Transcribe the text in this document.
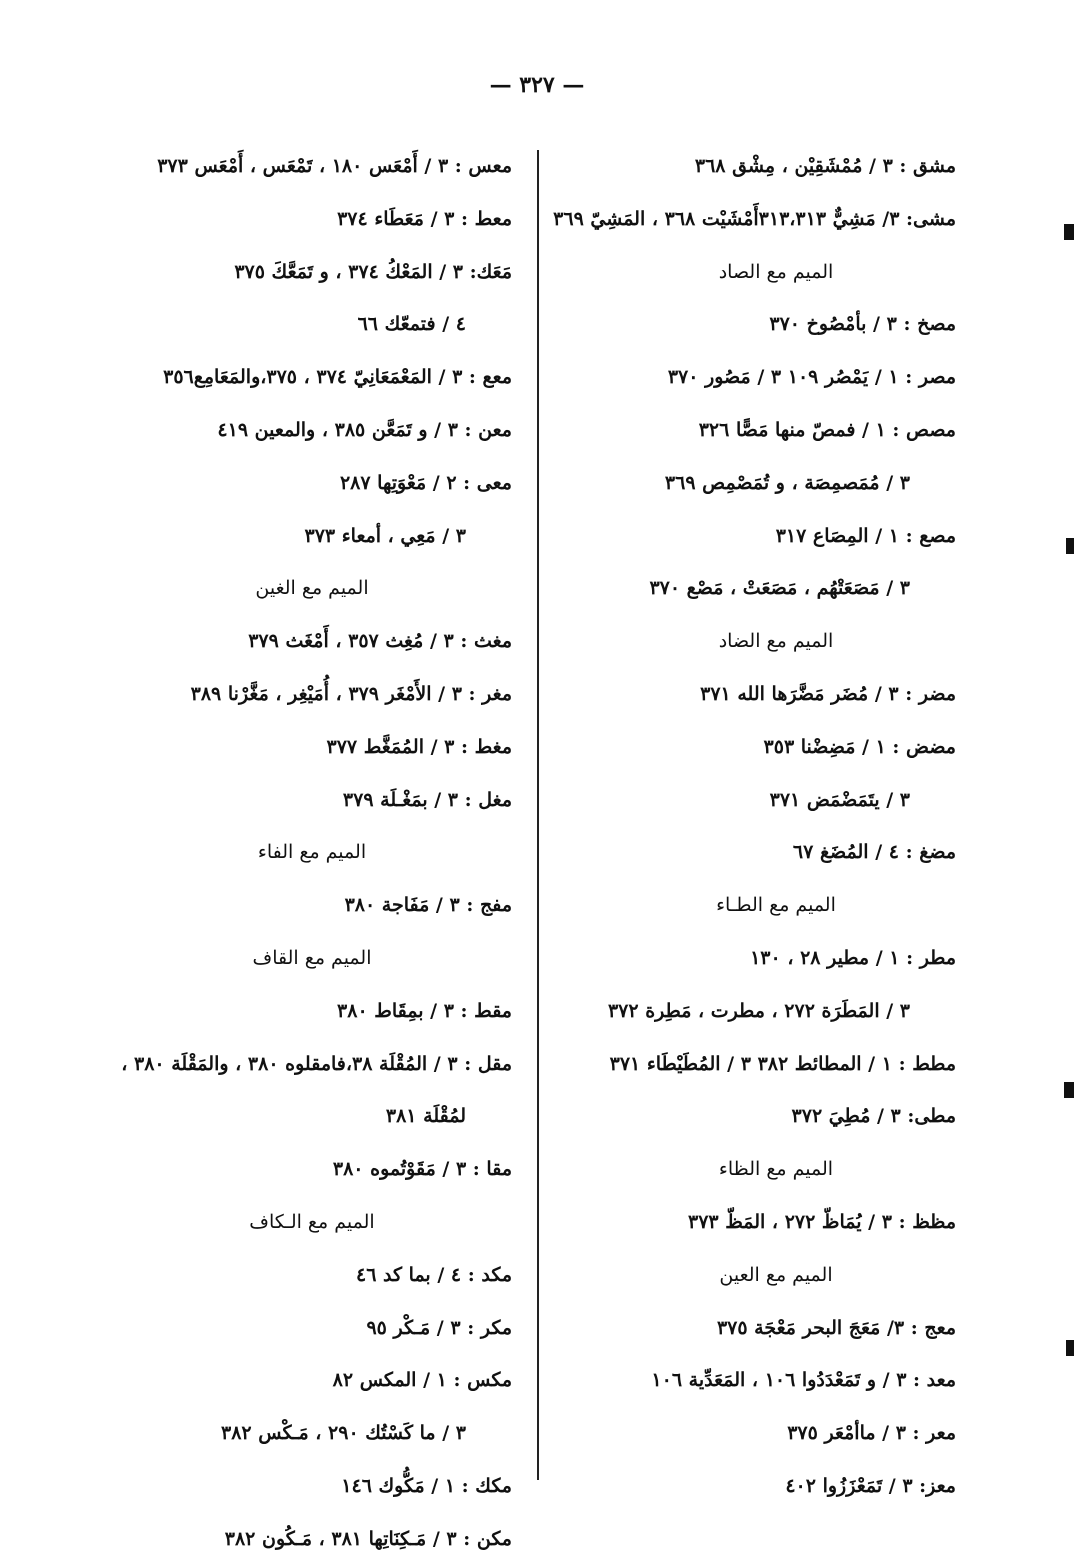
— ٣٢٧ —
مشق : ٣ / مُمْشَقِيْن ، مِشْق ٣٦٨
مشى: ٣/ مَشِيٌّ ٣١٣،٣١٣أَمْشَيْت ٣٦٨ ، المَشِيّ ٣٦٩
الميم مع الصاد
مصخ : ٣ / بأمْصُوخ ٣٧٠
مصر : ١ / يَمْصُر ١٠٩ ٣ / مَصُور ٣٧٠
مصص : ١ / فمصّ منها مَصًّا ٣٢٦
٣ / مُمَصمِصَة ، و تُمَصْمِص ٣٦٩
مصع : ١ / المِصَاع ٣١٧
٣ / مَصَعَتْهُم ، مَصَعَتْ ، مَصْع ٣٧٠
الميم مع الضاد
مضر : ٣ / مُضَر مَضَّرَها الله ٣٧١
مضض : ١ / مَضِضْنا ٣٥٣
٣ / يتَمَضْمَض ٣٧١
مضغ : ٤ / المُضَغ ٦٧
الميم مع الطـاء
مطر : ١ / مطير ٢٨ ، ١٣٠
٣ / المَطَرَة ٢٧٢ ، مطرت ، مَطِرة ٣٧٢
مطط : ١ / المطائط ٣٨٢ ٣ / المُطَيْطَاء ٣٧١
مطى: ٣ / مُطِيَ ٣٧٢
الميم مع الظاء
مظظ : ٣ / يُمَاظّ ٢٧٢ ، المَظّ ٣٧٣
الميم مع العين
معج : ٣/ مَعَجَ البحر مَعْجَة ٣٧٥
معد : ٣ / و تَمَعْدَدُوا ١٠٦ ، المَعَدِّية ١٠٦
معر : ٣ / ماأمْعَر ٣٧٥
معز: ٣ / تَمَعْزَزُوا ٤٠٢
معس : ٣ / أَمْعَس ١٨٠ ، تَمْعَس ، أَمْعَس ٣٧٣
معط : ٣ / مَعَطَاء ٣٧٤
مَعَك: ٣ / المَعْكُ ٣٧٤ ، و تَمَعَّكَ ٣٧٥
٤ / فتمعّك ٦٦
معع : ٣ / المَعْمَعَانِيّ ٣٧٤ ، ٣٧٥،والمَعَامِع٣٥٦
معن : ٣ / و تَمَعَّن ٣٨٥ ، والمعين ٤١٩
معى : ٢ / مَعْوَتِها ٢٨٧
٣ / مَعِي ، أمعاء ٣٧٣
الميم مع الغين
مغث : ٣ / مُغِث ٣٥٧ ، أَمْغَث ٣٧٩
مغر : ٣ / الأَمْغَر ٣٧٩ ، أُمَيْغِر ، مَغَّرْنا ٣٨٩
مغط : ٣ / المُمَغَّط ٣٧٧
مغل : ٣ / بمَغْـلَة ٣٧٩
الميم مع الفاء
مفج : ٣ / مَفَاجة ٣٨٠
الميم مع القاف
مقط : ٣ / بمِقَاط ٣٨٠
مقل : ٣ / المُقْلَة ٣٨،فامقلوه ٣٨٠ ، والمَقْلَة ٣٨٠ ،
لمُقْلَة ٣٨١
مقا : ٣ / مَقَوْتُموه ٣٨٠
الميم مع الـكاف
مكد : ٤ / بما كد ٤٦
مكر : ٣ / مَـكْر ٩٥
مكس : ١ / المكس ٨٢
٣ / ما كَسْتُك ٢٩٠ ، مَـكْس ٣٨٢
مكك : ١ / مَكُّوك ١٤٦
مكن : ٣ / مَـكِنَاتِها ٣٨١ ، مَـكُون ٣٨٢
